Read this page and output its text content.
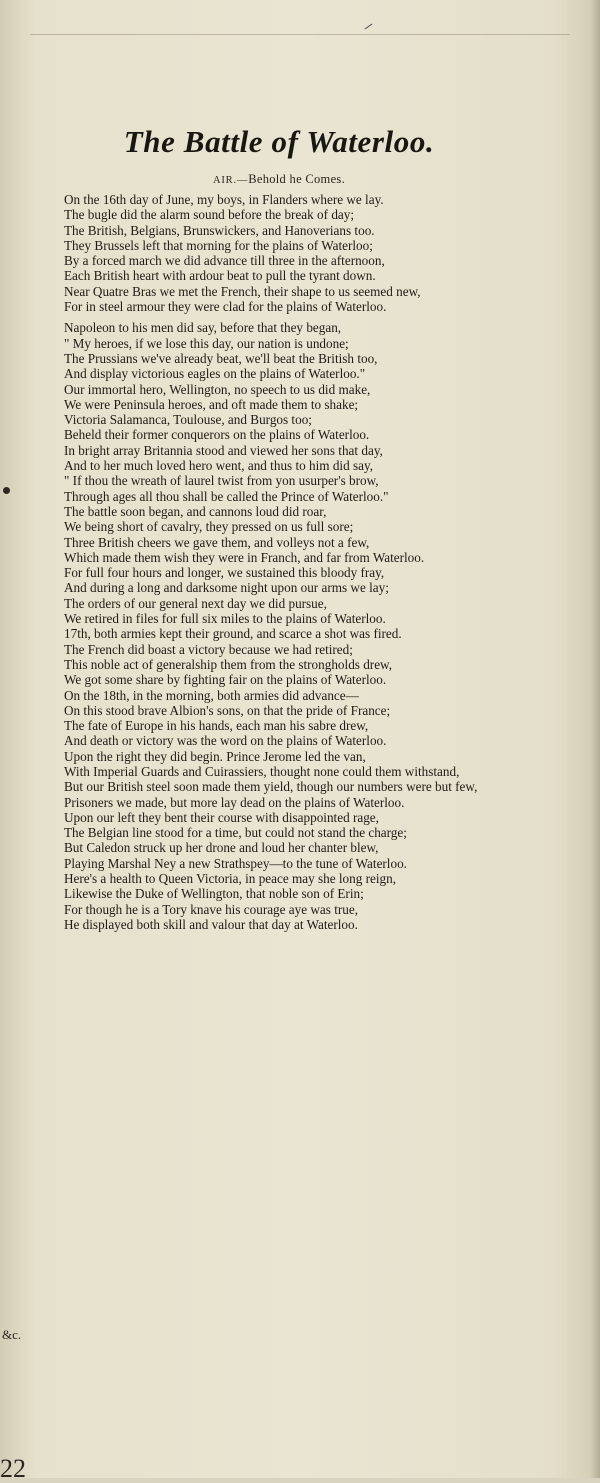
The Battle of Waterloo.
AIR.—Behold he Comes.
On the 16th day of June, my boys, in Flanders where we lay.
The bugle did the alarm sound before the break of day;
The British, Belgians, Brunswickers, and Hanoverians too.
They Brussels left that morning for the plains of Waterloo;
By a forced march we did advance till three in the afternoon,
Each British heart with ardour beat to pull the tyrant down.
Near Quatre Bras we met the French, their shape to us seemed new,
For in steel armour they were clad for the plains of Waterloo.
Napoleon to his men did say, before that they began,
" My heroes, if we lose this day, our nation is undone;
The Prussians we've already beat, we'll beat the British too,
And display victorious eagles on the plains of Waterloo."
Our immortal hero, Wellington, no speech to us did make,
We were Peninsula heroes, and oft made them to shake;
Victoria Salamanca, Toulouse, and Burgos too;
Beheld their former conquerors on the plains of Waterloo.
In bright array Britannia stood and viewed her sons that day,
And to her much loved hero went, and thus to him did say,
" If thou the wreath of laurel twist from yon usurper's brow,
Through ages all thou shall be called the Prince of Waterloo."
The battle soon began, and cannons loud did roar,
We being short of cavalry, they pressed on us full sore;
Three British cheers we gave them, and volleys not a few,
Which made them wish they were in Franch, and far from Waterloo.
For full four hours and longer, we sustained this bloody fray,
And during a long and darksome night upon our arms we lay;
The orders of our general next day we did pursue,
We retired in files for full six miles to the plains of Waterloo.
17th, both armies kept their ground, and scarce a shot was fired.
The French did boast a victory because we had retired;
This noble act of generalship them from the strongholds drew,
We got some share by fighting fair on the plains of Waterloo.
On the 18th, in the morning, both armies did advance—
On this stood brave Albion's sons, on that the pride of France;
The fate of Europe in his hands, each man his sabre drew,
And death or victory was the word on the plains of Waterloo.
Upon the right they did begin. Prince Jerome led the van,
With Imperial Guards and Cuirassiers, thought none could them withstand,
But our British steel soon made them yield, though our numbers were but few,
Prisoners we made, but more lay dead on the plains of Waterloo.
Upon our left they bent their course with disappointed rage,
The Belgian line stood for a time, but could not stand the charge;
But Caledon struck up her drone and loud her chanter blew,
Playing Marshal Ney a new Strathspey—to the tune of Waterloo.
Here's a health to Queen Victoria, in peace may she long reign,
Likewise the Duke of Wellington, that noble son of Erin;
For though he is a Tory knave his courage aye was true,
He displayed both skill and valour that day at Waterloo.
&c.
22
